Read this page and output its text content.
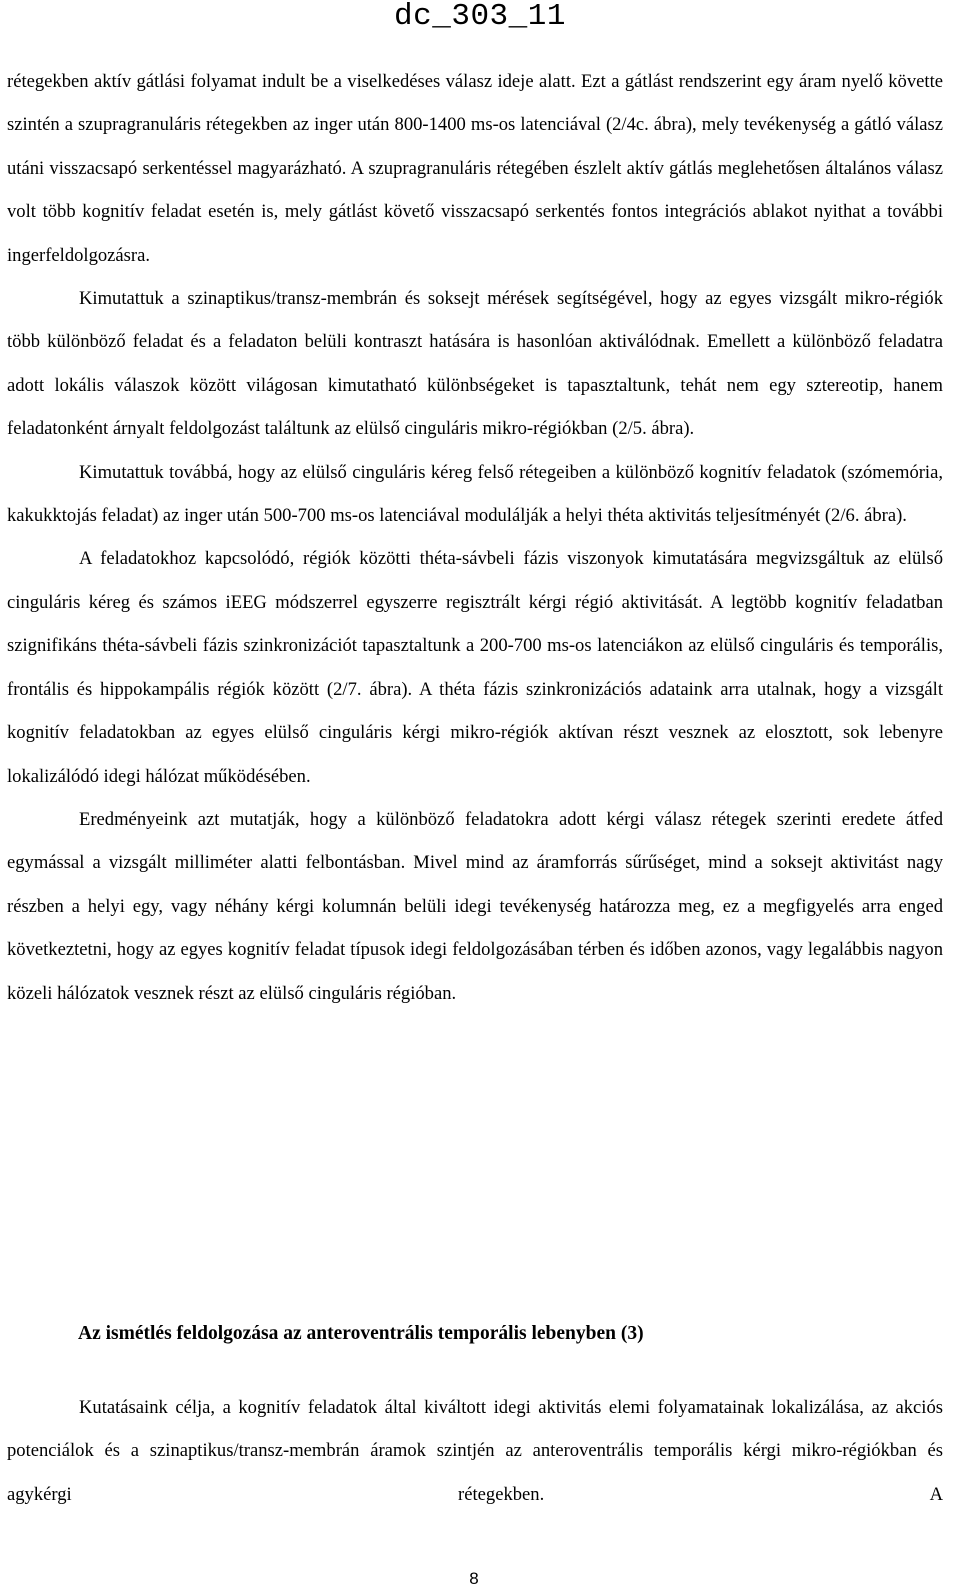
dc_303_11

rétegekben aktív gátlási folyamat indult be a viselkedéses válasz ideje alatt. Ezt a gátlást rendszerint egy áram nyelő követte szintén a szupragranuláris rétegekben az inger után 800-1400 ms-os latenciával (2/4c. ábra), mely tevékenység a gátló válasz utáni visszacsapó serkentéssel magyarázható. A szupragranuláris rétegében észlelt aktív gátlás meglehetősen általános válasz volt több kognitív feladat esetén is, mely gátlást követő visszacsapó serkentés fontos integrációs ablakot nyithat a további ingerfeldolgozásra.

Kimutattuk a szinaptikus/transz-membrán és soksejt mérések segítségével, hogy az egyes vizsgált mikro-régiók több különböző feladat és a feladaton belüli kontraszt hatására is hasonlóan aktiválódnak. Emellett a különböző feladatra adott lokális válaszok között világosan kimutatható különbségeket is tapasztaltunk, tehát nem egy sztereotip, hanem feladatonként árnyalt feldolgozást találtunk az elülső cinguláris mikro-régiókban (2/5. ábra).

Kimutattuk továbbá, hogy az elülső cinguláris kéreg felső rétegeiben a különböző kognitív feladatok (szómemória, kakukktojás feladat) az inger után 500-700 ms-os latenciával modulálják a helyi théta aktivitás teljesítményét (2/6. ábra).

A feladatokhoz kapcsolódó, régiók közötti théta-sávbeli fázis viszonyok kimutatására megvizsgáltuk az elülső cinguláris kéreg és számos iEEG módszerrel egyszerre regisztrált kérgi régió aktivitását. A legtöbb kognitív feladatban szignifikáns théta-sávbeli fázis szinkronizációt tapasztaltunk a 200-700 ms-os latenciákon az elülső cinguláris és temporális, frontális és hippokampális régiók között (2/7. ábra). A théta fázis szinkronizációs adataink arra utalnak, hogy a vizsgált kognitív feladatokban az egyes elülső cinguláris kérgi mikro-régiók aktívan részt vesznek az elosztott, sok lebenyre lokalizálódó idegi hálózat működésében.

Eredményeink azt mutatják, hogy a különböző feladatokra adott kérgi válasz rétegek szerinti eredete átfed egymással a vizsgált milliméter alatti felbontásban. Mivel mind az áramforrás sűrűséget, mind a soksejt aktivitást nagy részben a helyi egy, vagy néhány kérgi kolumnán belüli idegi tevékenység határozza meg, ez a megfigyelés arra enged következtetni, hogy az egyes kognitív feladat típusok idegi feldolgozásában térben és időben azonos, vagy legalábbis nagyon közeli hálózatok vesznek részt az elülső cinguláris régióban.

Az ismétlés feldolgozása az anteroventrális temporális lebenyben (3)

Kutatásaink célja, a kognitív feladatok által kiváltott idegi aktivitás elemi folyamatainak lokalizálása, az akciós potenciálok és a szinaptikus/transz-membrán áramok szintjén az anteroventrális temporális kérgi mikro-régiókban és agykérgi rétegekben. A

8
